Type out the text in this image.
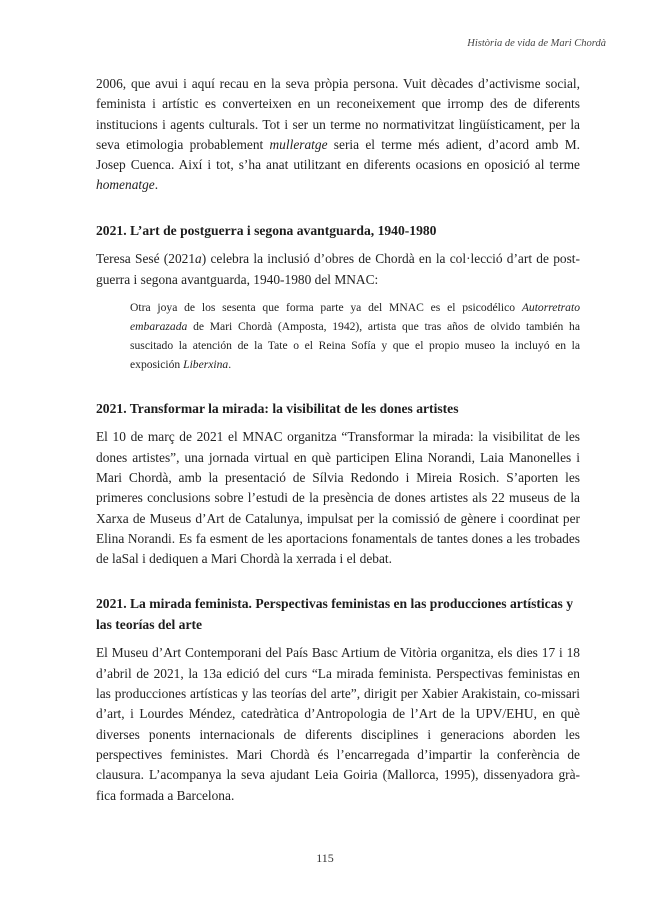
Història de vida de Mari Chordà

2006, que avui i aquí recau en la seva pròpia persona. Vuit dècades d’activisme social, feminista i artístic es converteixen en un reconeixement que irromp des de diferents institucions i agents culturals. Tot i ser un terme no normativitzat lingüísticament, per la seva etimologia probablement mulleratge seria el terme més adient, d’acord amb M. Josep Cuenca. Així i tot, s’ha anat utilitzant en diferents ocasions en oposició al terme homenatge.

2021. L’art de postguerra i segona avantguarda, 1940-1980

Teresa Sesé (2021a) celebra la inclusió d’obres de Chordà en la col·lecció d’art de post-guerra i segona avantguarda, 1940-1980 del MNAC:

Otra joya de los sesenta que forma parte ya del MNAC es el psicodélico Autorretrato embarazada de Mari Chordà (Amposta, 1942), artista que tras años de olvido también ha suscitado la atención de la Tate o el Reina Sofía y que el propio museo la incluyó en la exposición Liberxina.
2021. Transformar la mirada: la visibilitat de les dones artistes

El 10 de març de 2021 el MNAC organitza “Transformar la mirada: la visibilitat de les dones artistes”, una jornada virtual en què participen Elina Norandi, Laia Manonelles i Mari Chordà, amb la presentació de Sílvia Redondo i Mireia Rosich. S’aporten les primeres conclusions sobre l’estudi de la presència de dones artistes als 22 museus de la Xarxa de Museus d’Art de Catalunya, impulsat per la comissió de gènere i coordinat per Elina Norandi. Es fa esment de les aportacions fonamentals de tantes dones a les trobades de laSal i dediquen a Mari Chordà la xerrada i el debat.

2021. La mirada feminista. Perspectivas feministas en las producciones artísticas y las teorías del arte

El Museu d’Art Contemporani del País Basc Artium de Vitòria organitza, els dies 17 i 18 d’abril de 2021, la 13a edició del curs “La mirada feminista. Perspectivas feministas en las producciones artísticas y las teorías del arte”, dirigit per Xabier Arakistain, co-missari d’art, i Lourdes Méndez, catedràtica d’Antropologia de l’Art de la UPV/EHU, en què diverses ponents internacionals de diferents disciplines i generacions aborden les perspectives feministes. Mari Chordà és l’encarregada d’impartir la conferència de clausura. L’acompanya la seva ajudant Leia Goiria (Mallorca, 1995), dissenyadora grà-fica formada a Barcelona.

115
